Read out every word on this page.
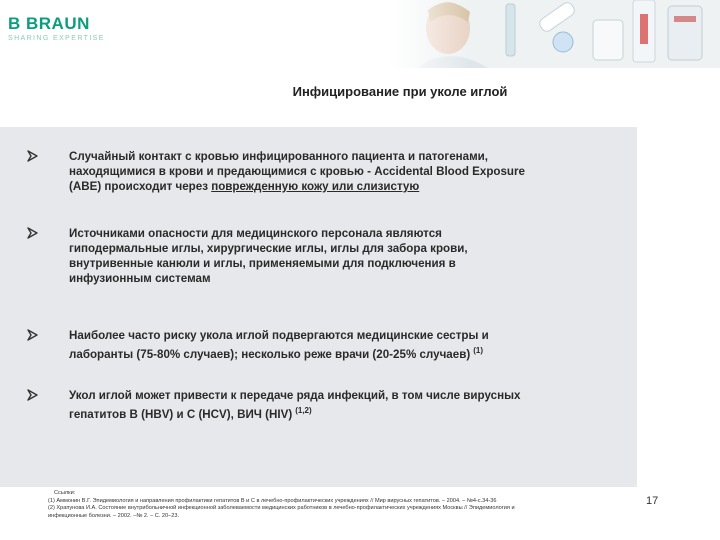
B BRAUN
SHARING EXPERTISE
Инфицирование при уколе иглой
Случайный контакт с кровью инфицированного пациента и патогенами,
находящимися в крови и предающимися с кровью - Accidental Blood Exposure
(ABE) происходит через поврежденную кожу или слизистую
Источниками опасности для медицинского персонала являются
гиподермальные иглы, хирургические иглы, иглы для забора крови,
внутривенные канюли и иглы, применяемыми для подключения в
инфузионным системам
Наиболее часто риску укола иглой подвергаются медицинские сестры и
лаборанты (75-80% случаев); несколько реже врачи (20-25% случаев) $^{(1)}$
Укол иглой может привести к передаче ряда инфекций, в том числе вирусных
гепатитов В (HBV) и С (HCV), ВИЧ (HIV) $^{(1,2)}$
Ссылки:
(1) Аммонин В.Г. Эпидемиология и направления профилактики гепатитов В и С в лечебно-профилактических учреждениях // Мир вирусных гепатитов. – 2004. – №4-с.34-36
(2) Храпунова И.А. Состояние внутрибольничной инфекционной заболеваемости медицинских работников в лечебно-профилактических учреждениях Москвы // Эпидемиология и
инфекционные болезни. – 2002. –№ 2. – С. 20–23.
17
